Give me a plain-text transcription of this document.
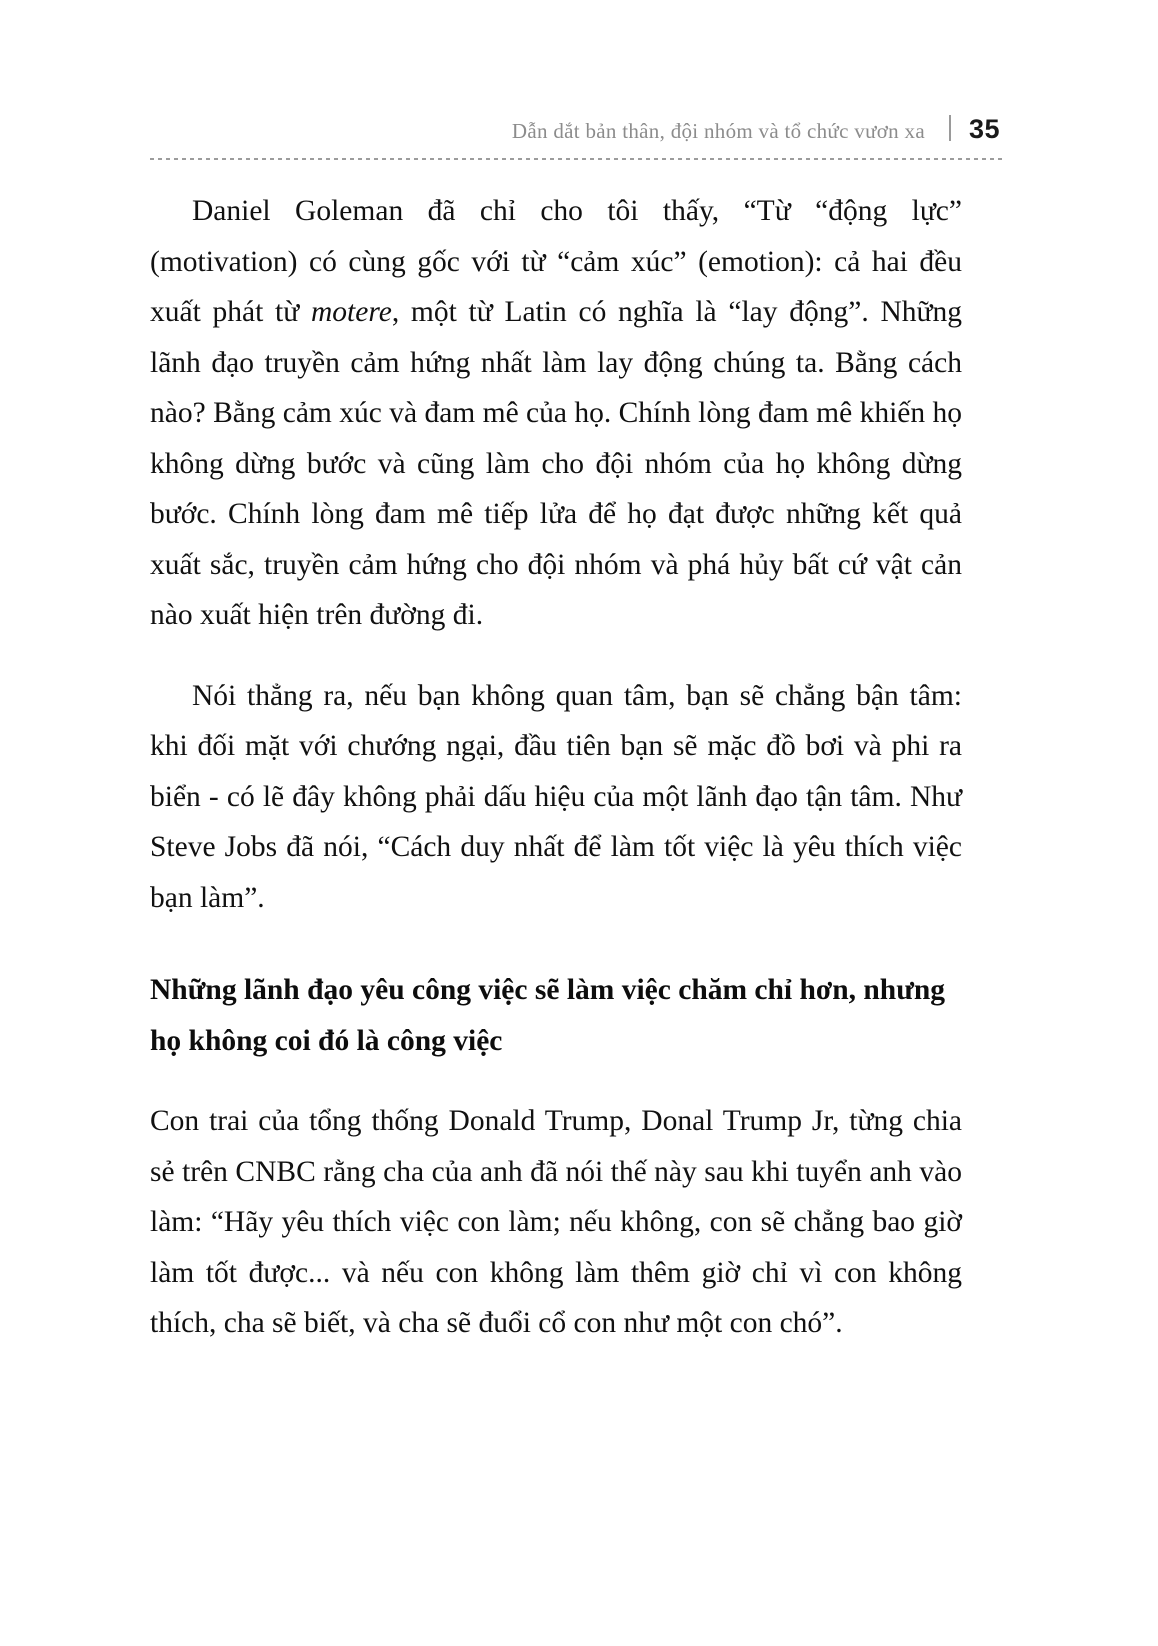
Dẫn dắt bản thân, đội nhóm và tổ chức vươn xa 35

Daniel Goleman đã chỉ cho tôi thấy, “Từ “động lực” (motivation) có cùng gốc với từ “cảm xúc” (emotion): cả hai đều xuất phát từ motere, một từ Latin có nghĩa là “lay động”. Những lãnh đạo truyền cảm hứng nhất làm lay động chúng ta. Bằng cách nào? Bằng cảm xúc và đam mê của họ. Chính lòng đam mê khiến họ không dừng bước và cũng làm cho đội nhóm của họ không dừng bước. Chính lòng đam mê tiếp lửa để họ đạt được những kết quả xuất sắc, truyền cảm hứng cho đội nhóm và phá hủy bất cứ vật cản nào xuất hiện trên đường đi.

Nói thẳng ra, nếu bạn không quan tâm, bạn sẽ chẳng bận tâm: khi đối mặt với chướng ngại, đầu tiên bạn sẽ mặc đồ bơi và phi ra biển - có lẽ đây không phải dấu hiệu của một lãnh đạo tận tâm. Như Steve Jobs đã nói, “Cách duy nhất để làm tốt việc là yêu thích việc bạn làm”.

Những lãnh đạo yêu công việc sẽ làm việc chăm chỉ hơn, nhưng họ không coi đó là công việc

Con trai của tổng thống Donald Trump, Donal Trump Jr, từng chia sẻ trên CNBC rằng cha của anh đã nói thế này sau khi tuyển anh vào làm: “Hãy yêu thích việc con làm; nếu không, con sẽ chẳng bao giờ làm tốt được... và nếu con không làm thêm giờ chỉ vì con không thích, cha sẽ biết, và cha sẽ đuổi cổ con như một con chó”.
